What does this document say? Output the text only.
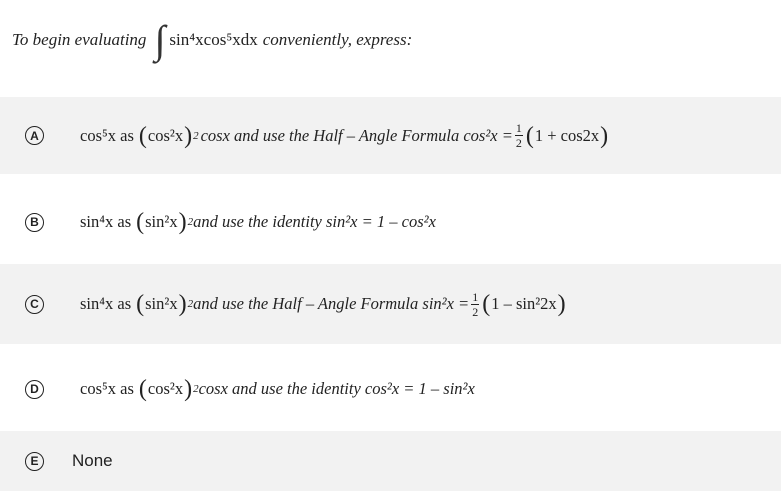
To begin evaluating ∫ sin⁴xcos⁵xdx conveniently, express:
A	cos⁵x as ( cos²x ) 2 cosx and use the Half – Angle Formula $\cos^2x = \frac{1}{2}$ ( 1 + cos2x )
B	sin⁴x as ( sin²x ) 2 and use the identity sin²x = 1 – cos²x
C	sin⁴x as ( sin²x ) 2 and use the Half – Angle Formula $\sin^2x = \frac{1}{2}$ ( 1 – sin²2x )
D	cos⁵x as ( cos²x ) 2 cosx and use the identity cos²x = 1 – sin²x
E	None
